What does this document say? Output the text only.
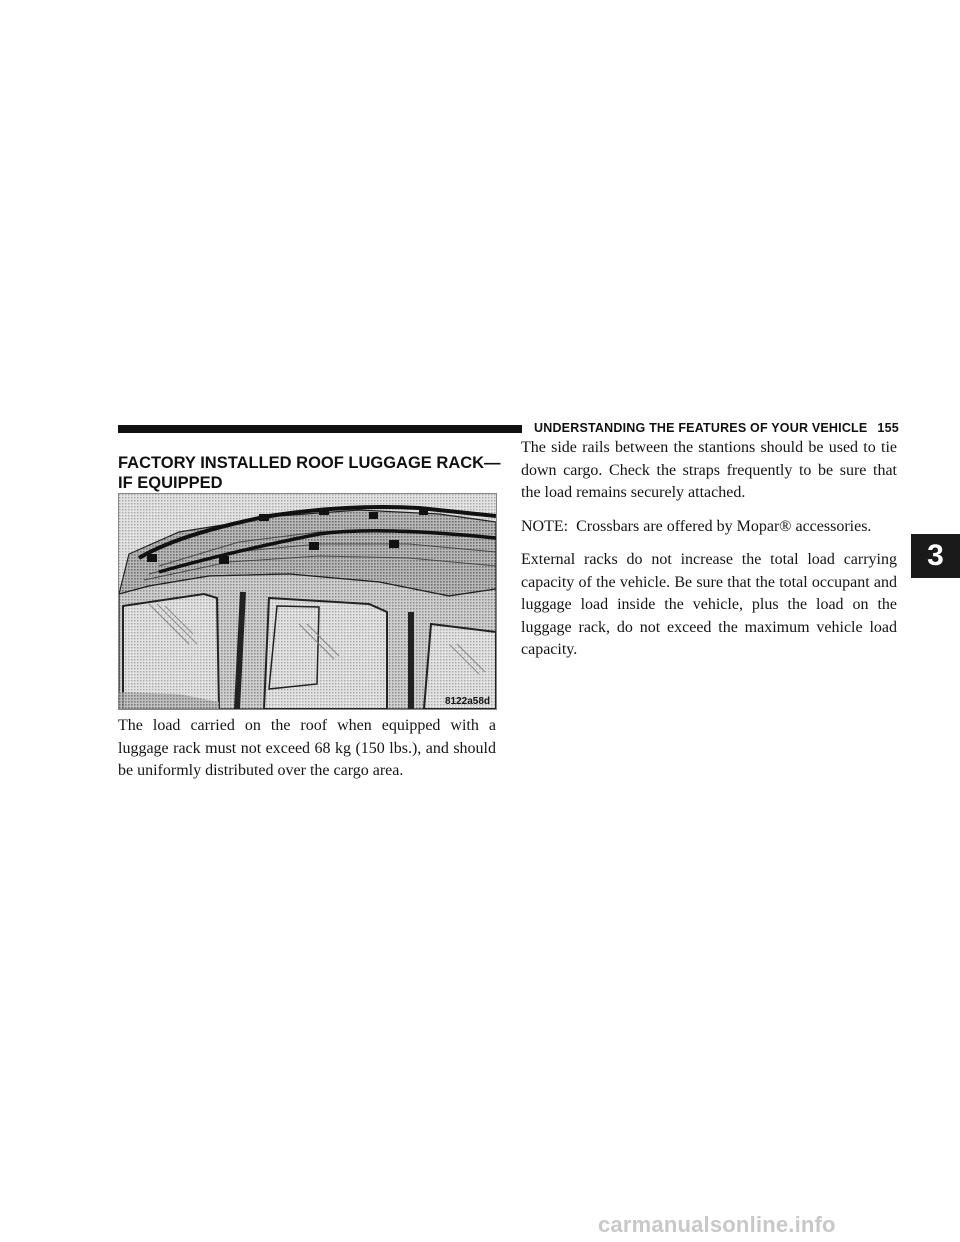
UNDERSTANDING THE FEATURES OF YOUR VEHICLE 155
FACTORY INSTALLED ROOF LUGGAGE RACK—
IF EQUIPPED
8122a58d

The load carried on the roof when equipped with a luggage rack must not exceed 68 kg (150 lbs.), and should be uniformly distributed over the cargo area.

The side rails between the stantions should be used to tie down cargo. Check the straps frequently to be sure that the load remains securely attached.

NOTE: Crossbars are offered by Mopar® accessories.

External racks do not increase the total load carrying capacity of the vehicle. Be sure that the total occupant and luggage load inside the vehicle, plus the load on the luggage rack, do not exceed the maximum vehicle load capacity.

3
carmanualsonline.info
